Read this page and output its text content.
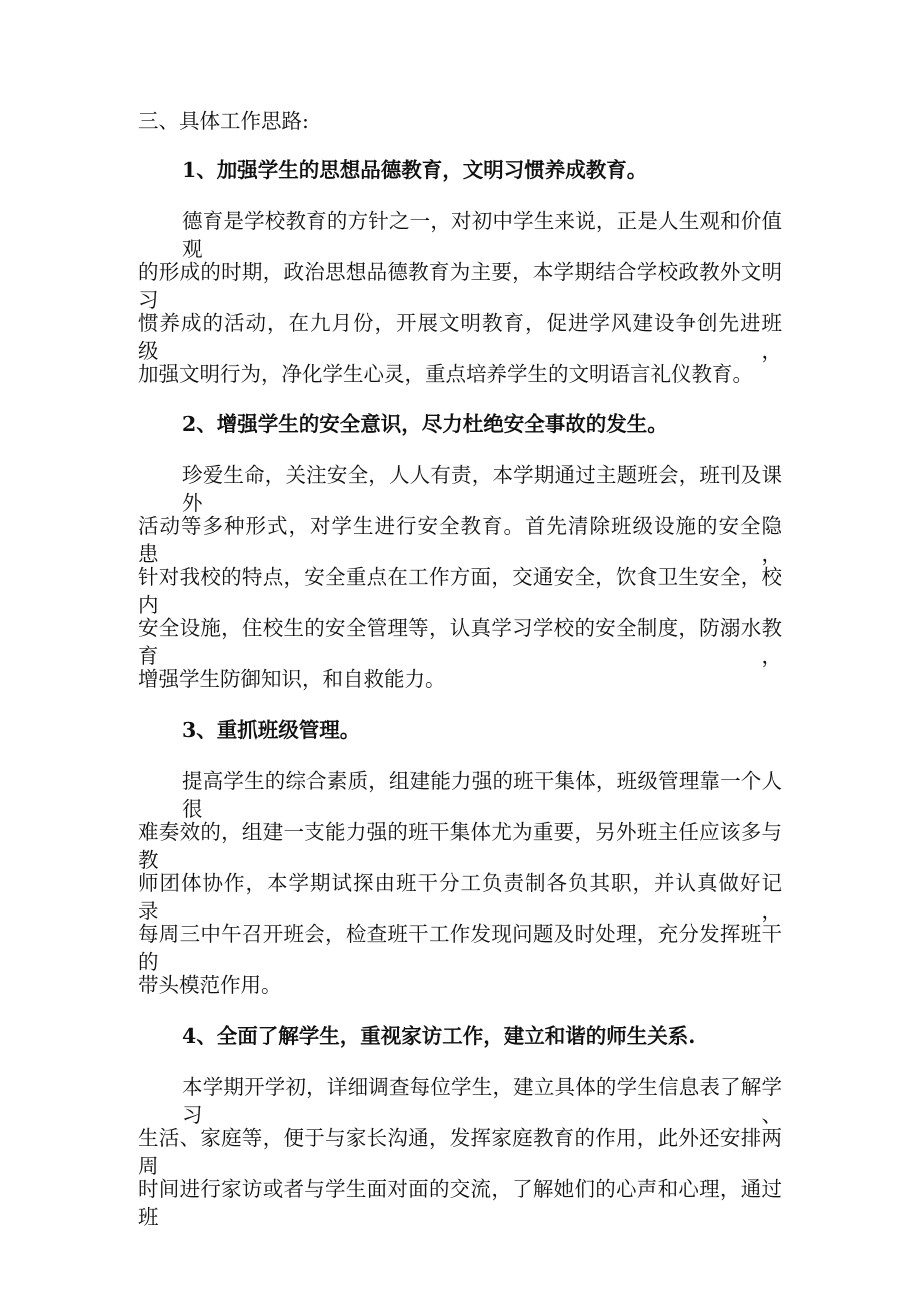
三、具体工作思路:
1、加强学生的思想品德教育，文明习惯养成教育。
德育是学校教育的方针之一，对初中学生来说，正是人生观和价值观
的形成的时期，政治思想品德教育为主要，本学期结合学校政教外文明习
惯养成的活动，在九月份，开展文明教育，促进学风建设争创先进班级，
加强文明行为，净化学生心灵，重点培养学生的文明语言礼仪教育。
2、增强学生的安全意识，尽力杜绝安全事故的发生。
珍爱生命，关注安全，人人有责，本学期通过主题班会，班刊及课外
活动等多种形式，对学生进行安全教育。首先清除班级设施的安全隐患，
针对我校的特点，安全重点在工作方面，交通安全，饮食卫生安全，校内
安全设施，住校生的安全管理等，认真学习学校的安全制度，防溺水教育，
增强学生防御知识，和自救能力。
3、重抓班级管理。
提高学生的综合素质，组建能力强的班干集体，班级管理靠一个人很
难奏效的，组建一支能力强的班干集体尤为重要，另外班主任应该多与教
师团体协作，本学期试探由班干分工负责制各负其职，并认真做好记录，
每周三中午召开班会，检查班干工作发现问题及时处理，充分发挥班干的
带头模范作用。
4、全面了解学生，重视家访工作，建立和谐的师生关系.
本学期开学初，详细调查每位学生，建立具体的学生信息表了解学习、
生活、家庭等，便于与家长沟通，发挥家庭教育的作用，此外还安排两周
时间进行家访或者与学生面对面的交流，了解她们的心声和心理，通过班
